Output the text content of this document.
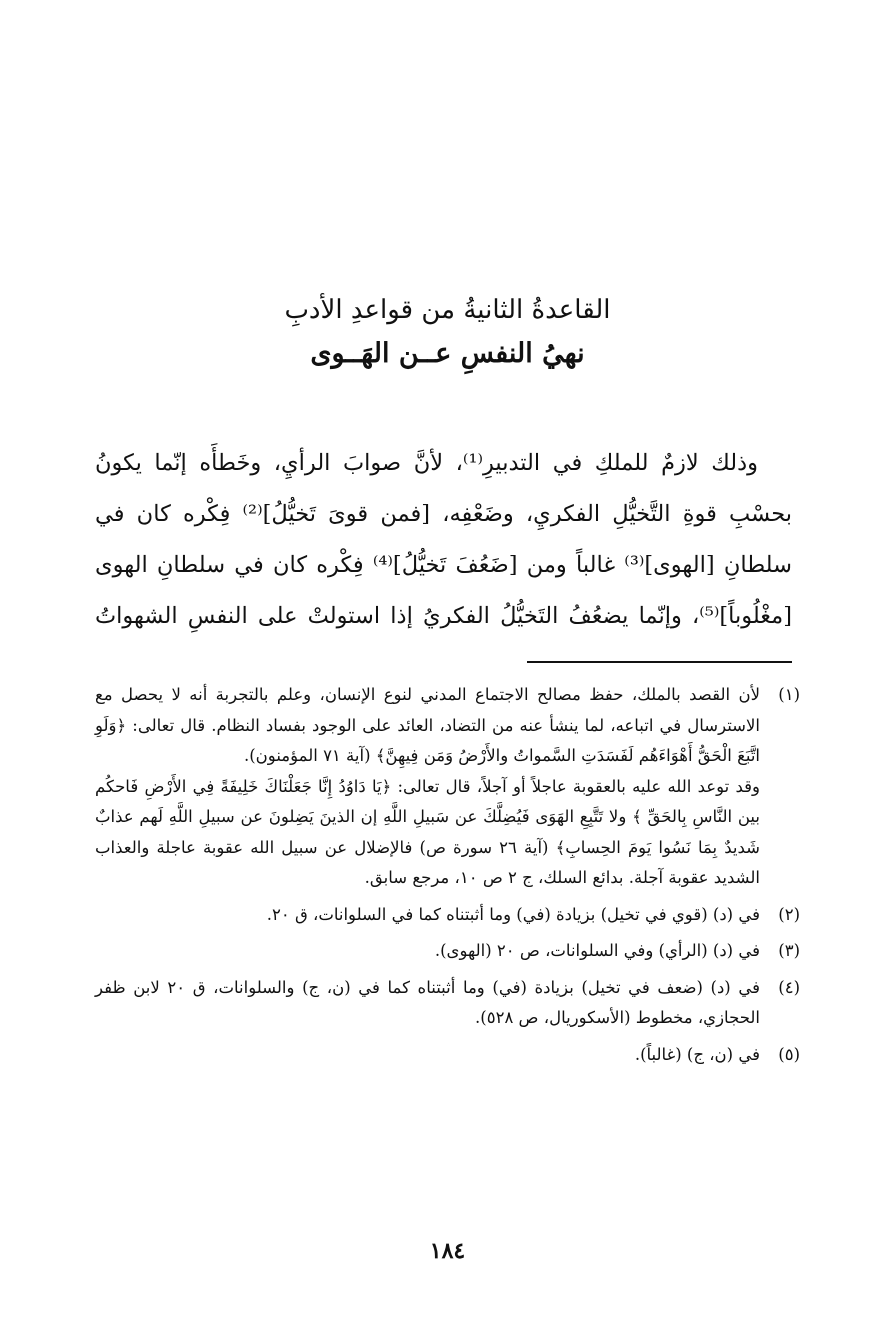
القاعدةُ الثانيةُ من قواعدِ الأدبِ
نهيُ النفسِ عــن الهَــوى
وذلك لازمٌ للملكِ في التدبيرِ⁽¹⁾، لأنَّ صوابَ الرأيِ، وخَطأَه إنّما يكونُ
بحسْبِ قوةِ التَّخيُّلِ الفكريِ، وضَعْفِه، [فمن قوىَ تَخيُّلُ]⁽²⁾ فِكْره كان في
سلطانِ [الهوى]⁽³⁾ غالباً ومن [ضَعُفَ تَخيُّلُ]⁽⁴⁾ فِكْره كان في سلطانِ الهوى
[مغْلُوباً]⁽⁵⁾، وإنّما يضعُفُ التَخيُّلُ الفكريُ إذا استولتْ على النفسِ الشهواتُ
(١)
لأن القصد بالملك، حفظ مصالح الاجتماع المدني لنوع الإنسان، وعلم بالتجربة أنه لا يحصل مع الاسترسال في اتباعه، لما ينشأ عنه من التضاد، العائد على الوجود بفساد النظام. قال تعالى: ﴿وَلَوِ اتَّبَعَ الْحَقُّ أَهْوَاءَهُم لَفَسَدَتِ السَّمواتُ والأَرْضُ وَمَن فِيهِنَّ﴾ (آية ٧١ المؤمنون).
وقد توعد الله عليه بالعقوبة عاجلاً أو آجلاً، قال تعالى: ﴿يَا دَاوُدُ إِنَّا جَعَلْنَاكَ خَلِيفَةً فِي الأَرْضِ فَاحكُم بين النَّاسِ بِالحَقِّ ﴾ ولا تَتَّبِعِ الهَوَى فَيُضِلَّكَ عن سَبيلِ اللَّهِ إن الذينَ يَضِلونَ عن سبيلِ اللَّهِ لَهم عذابٌ شَديدٌ بِمَا نَسُوا يَومَ الحِسابِ﴾ (آية ٢٦ سورة ص) فالإضلال عن سبيل الله عقوبة عاجلة والعذاب الشديد عقوبة آجلة. بدائع السلك، ج ٢ ص ١٠، مرجع سابق.
(٢)
في (د) (قوي في تخيل) بزيادة (في) وما أثبتناه كما في السلوانات، ق ٢٠.
(٣)
في (د) (الرأي) وفي السلوانات، ص ٢٠ (الهوى).
(٤)
في (د) (ضعف في تخيل) بزيادة (في) وما أثبتناه كما في (ن، ج) والسلوانات، ق ٢٠ لابن ظفر الحجازي، مخطوط (الأسكوريال، ص ٥٢٨).
(٥)
في (ن، ج) (غالباً).
١٨٤
